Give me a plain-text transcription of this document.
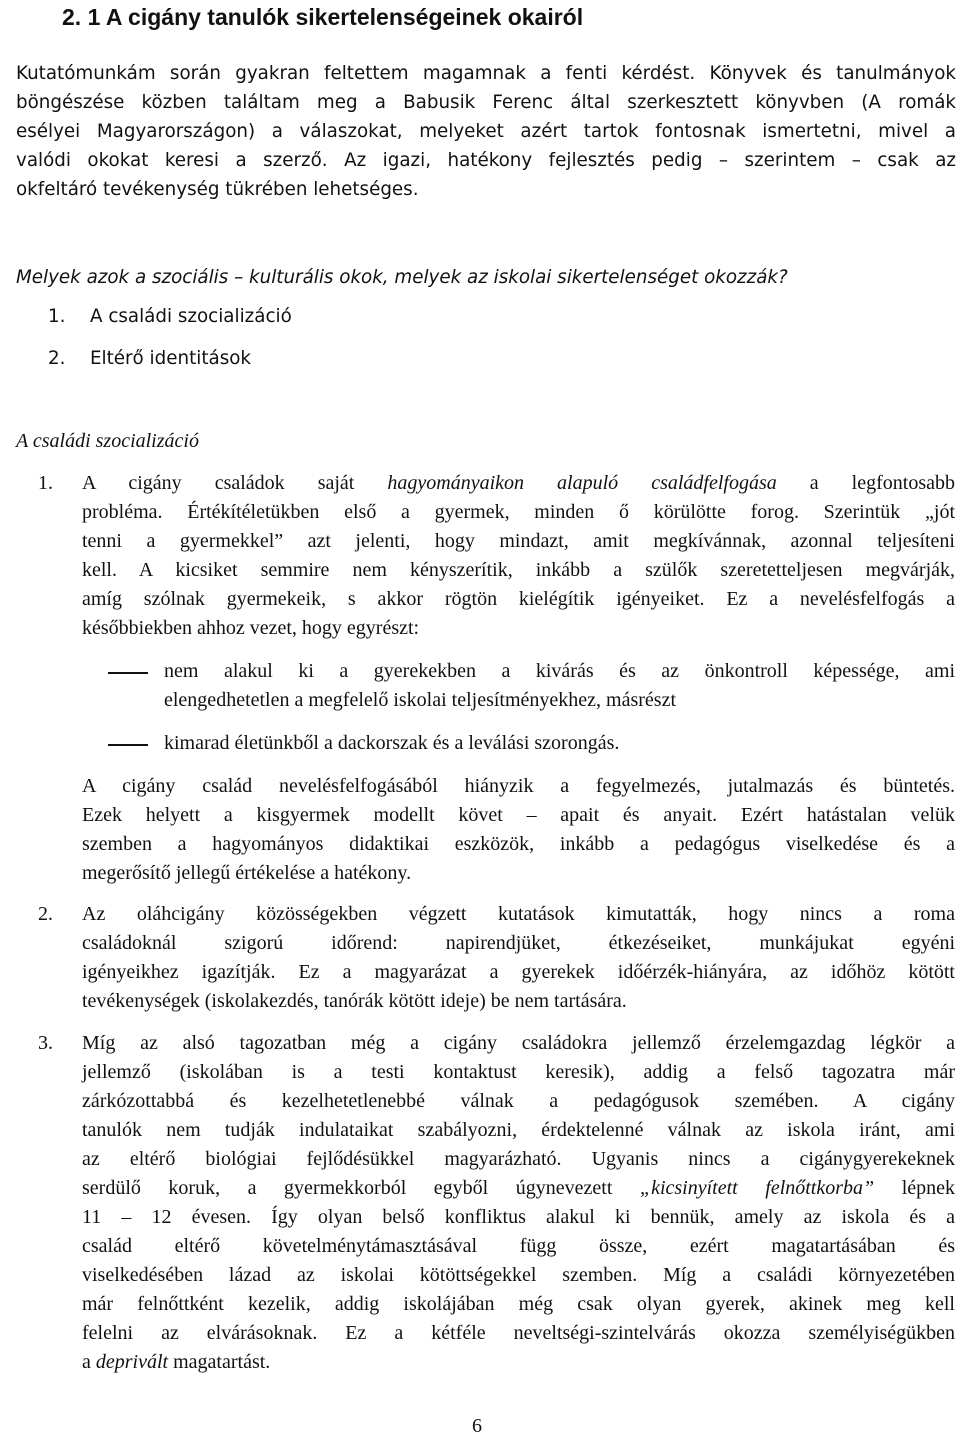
2. 1 A cigány tanulók sikertelenségeinek okairól
Kutatómunkám során gyakran feltettem magamnak a fenti kérdést. Könyvek és tanulmányok
böngészése közben találtam meg a Babusik Ferenc által szerkesztett könyvben (A romák
esélyei Magyarországon) a válaszokat, melyeket azért tartok fontosnak ismertetni, mivel a
valódi okokat keresi a szerző. Az igazi, hatékony fejlesztés pedig – szerintem – csak az
okfeltáró tevékenység tükrében lehetséges.

Melyek azok a szociális – kulturális okok, melyek az iskolai sikertelenséget okozzák?

1. A családi szocializáció
2. Eltérő identitások
A családi szocializáció
1. A cigány családok saját hagyományaikon alapuló családfelfogása a legfontosabb
probléma. Értékítéletükben első a gyermek, minden ő körülötte forog. Szerintük „jót
tenni a gyermekkel” azt jelenti, hogy mindazt, amit megkívánnak, azonnal teljesíteni
kell. A kicsiket semmire nem kényszerítik, inkább a szülők szeretetteljesen megvárják,
amíg szólnak gyermekeik, s akkor rögtön kielégítik igényeiket. Ez a nevelésfelfogás a
későbbiekben ahhoz vezet, hogy egyrészt:
nem alakul ki a gyerekekben a kivárás és az önkontroll képessége, ami
elengedhetetlen a megfelelő iskolai teljesítményekhez, másrészt
kimarad életünkből a dackorszak és a leválási szorongás.
A cigány család nevelésfelfogásából hiányzik a fegyelmezés, jutalmazás és büntetés.
Ezek helyett a kisgyermek modellt követ – apait és anyait. Ezért hatástalan velük
szemben a hagyományos didaktikai eszközök, inkább a pedagógus viselkedése és a
megerősítő jellegű értékelése a hatékony.
2. Az oláhcigány közösségekben végzett kutatások kimutatták, hogy nincs a roma
családoknál szigorú időrend: napirendjüket, étkezéseiket, munkájukat egyéni
igényeikhez igazítják. Ez a magyarázat a gyerekek időérzék-hiányára, az időhöz kötött
tevékenységek (iskolakezdés, tanórák kötött ideje) be nem tartására.
3. Míg az alsó tagozatban még a cigány családokra jellemző érzelemgazdag légkör a
jellemző (iskolában is a testi kontaktust keresik), addig a felső tagozatra már
zárkózottabbá és kezelhetetlenebbé válnak a pedagógusok szemében. A cigány
tanulók nem tudják indulataikat szabályozni, érdektelenné válnak az iskola iránt, ami
az eltérő biológiai fejlődésükkel magyarázható. Ugyanis nincs a cigánygyerekeknek
serdülő koruk, a gyermekkorból egyből úgynevezett „kicsinyített felnőttkorba” lépnek
11 – 12 évesen. Így olyan belső konfliktus alakul ki bennük, amely az iskola és a
család eltérő követelménytámasztásával függ össze, ezért magatartásában és
viselkedésében lázad az iskolai kötöttségekkel szemben. Míg a családi környezetében
már felnőttként kezelik, addig iskolájában még csak olyan gyerek, akinek meg kell
felelni az elvárásoknak. Ez a kétféle neveltségi-szintelvárás okozza személyiségükben
a deprivált magatartást.
6
